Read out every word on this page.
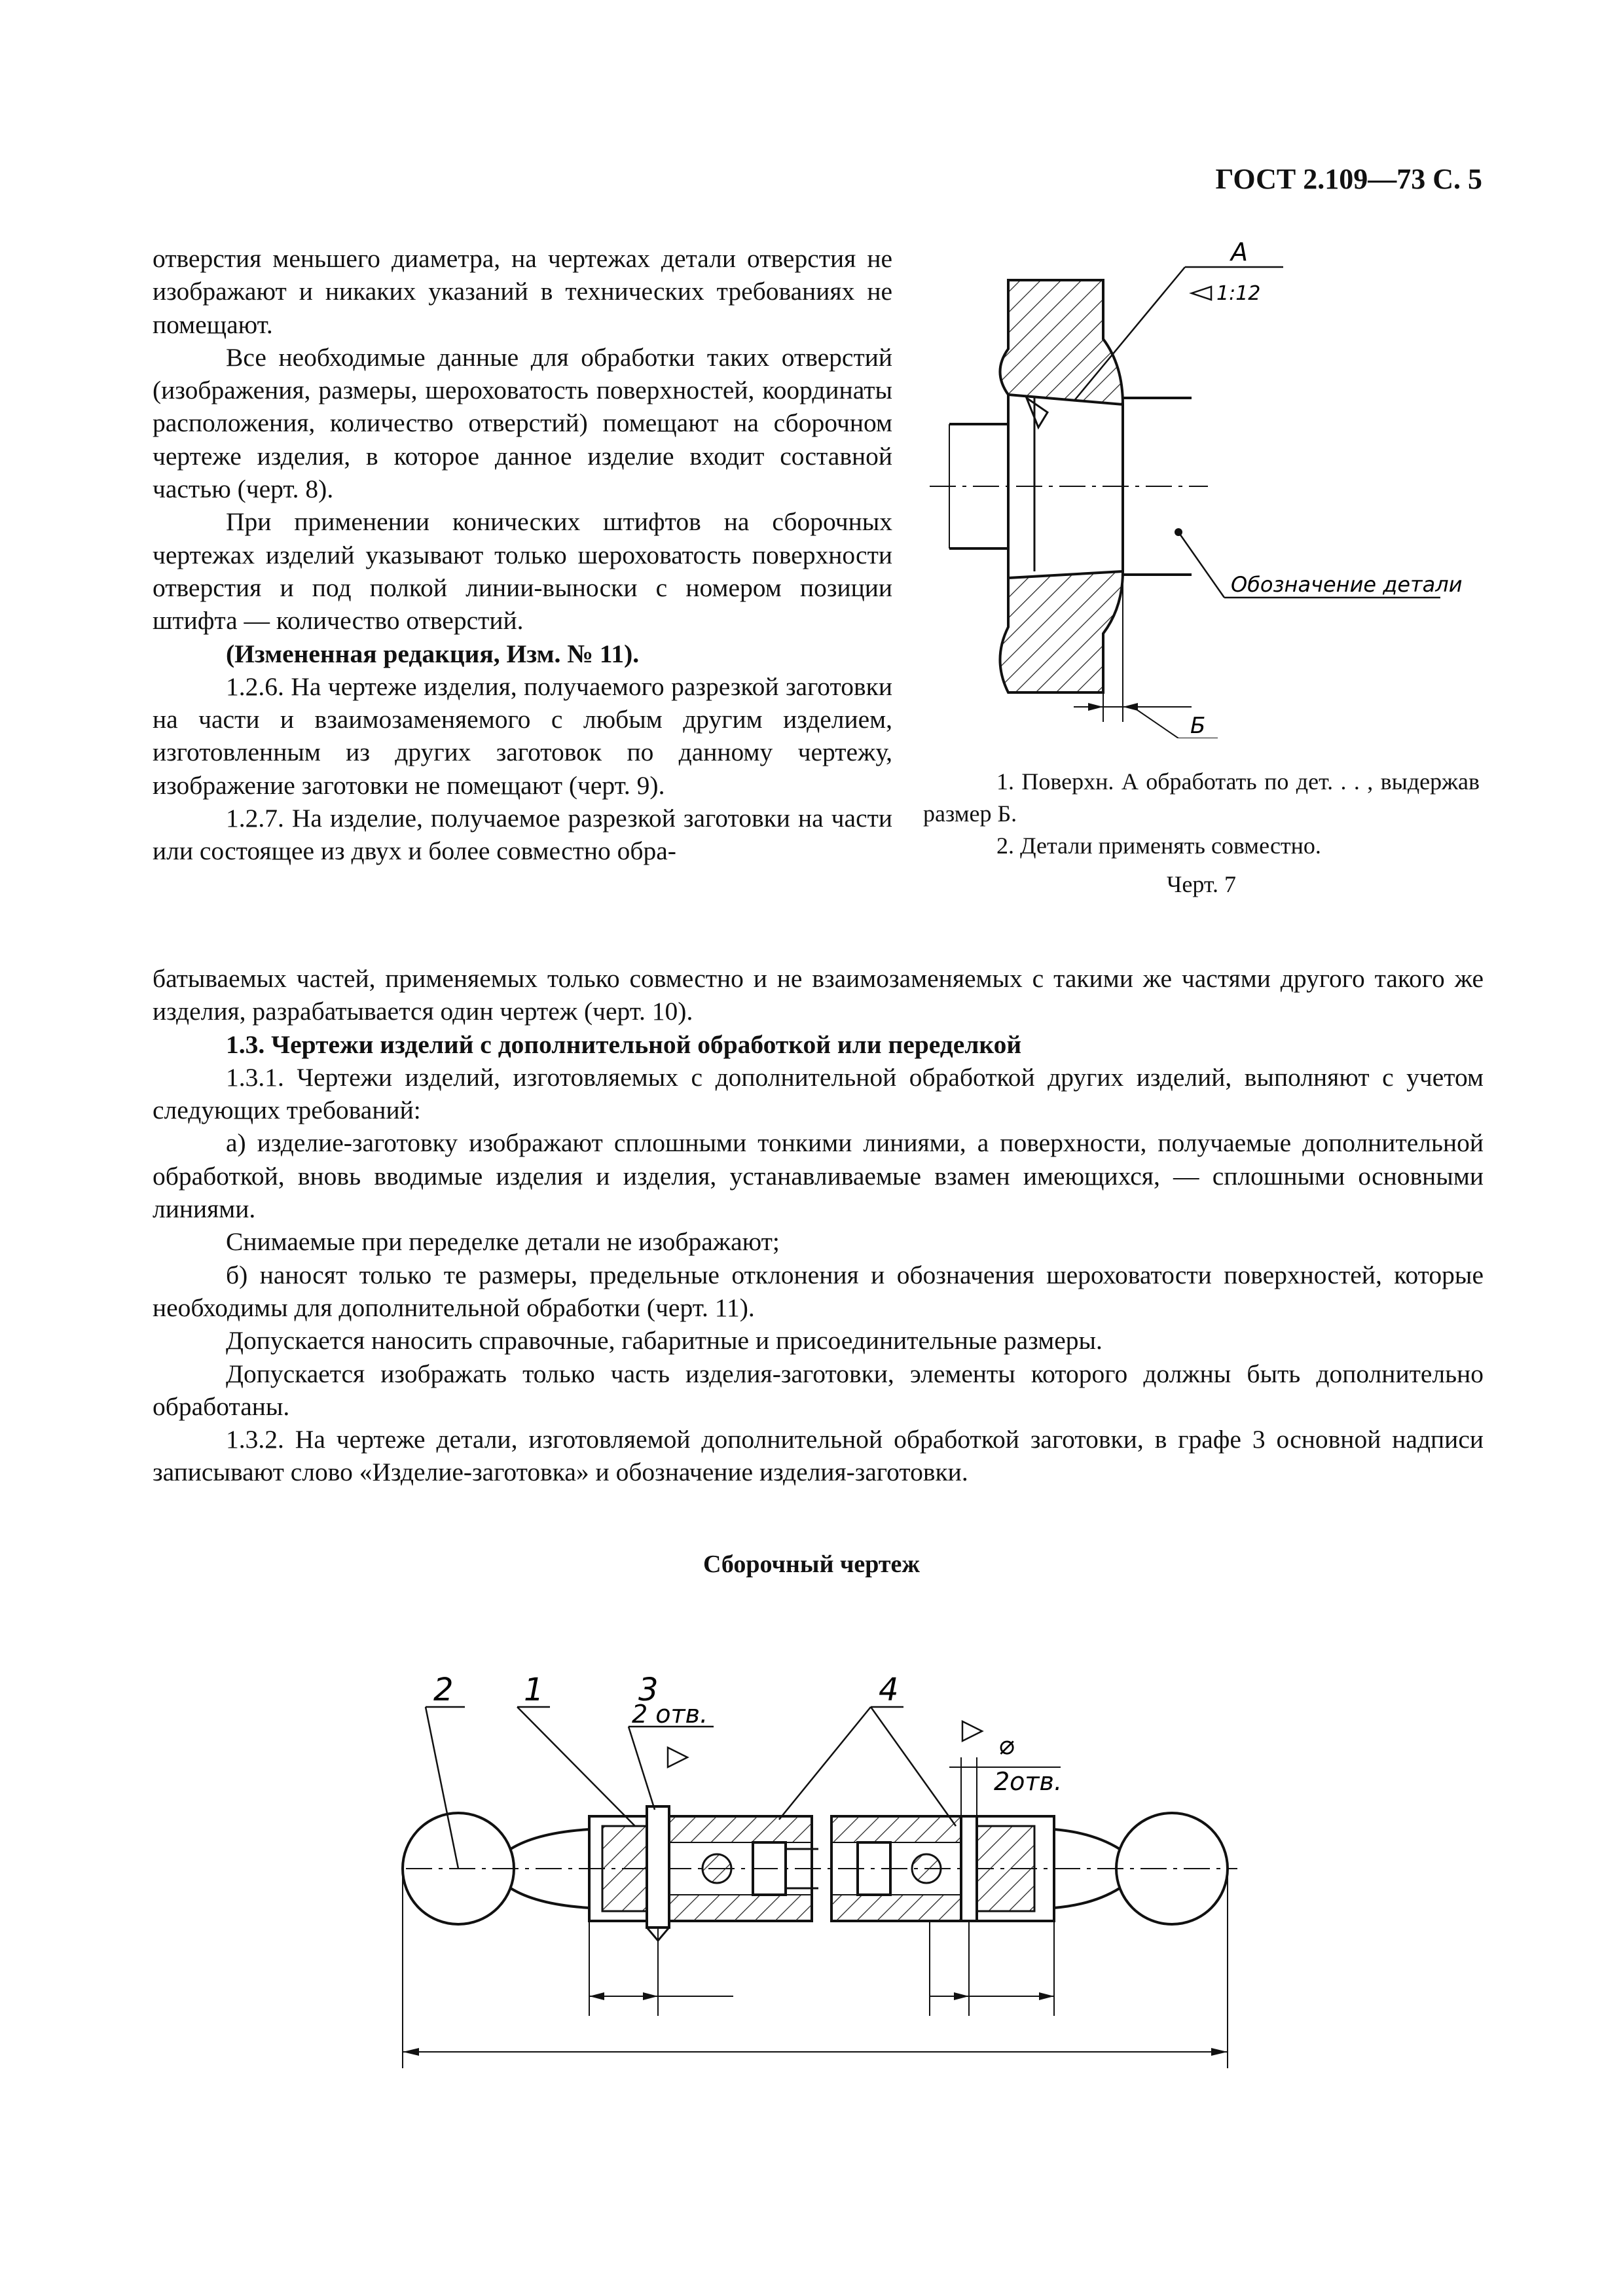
ГОСТ 2.109—73 С. 5

отверстия меньшего диаметра, на чертежах детали отверстия не изображают и никаких указаний в технических требованиях не помещают.

Все необходимые данные для обработки таких отверстий (изображения, размеры, шероховатость поверхностей, координаты расположения, количество отверстий) помещают на сборочном чертеже изделия, в которое данное изделие входит составной частью (черт. 8).

При применении конических штифтов на сборочных чертежах изделий указывают только шероховатость поверхности отверстия и под полкой линии-выноски с номером позиции штифта — количество отверстий.

(Измененная редакция, Изм. № 11).

1.2.6. На чертеже изделия, получаемого разрезкой заготовки на части и взаимозаменяемого с любым другим изделием, изготовленным из других заготовок по данному чертежу, изображение заготовки не помещают (черт. 9).

1.2.7. На изделие, получаемое разрезкой заготовки на части или состоящее из двух и более совместно обра-

А
1:12
Обозначение детали
Б

1. Поверхн. А обработать по дет. . . , выдержав размер Б.

2. Детали применять совместно.

Черт. 7

батываемых частей, применяемых только совместно и не взаимозаменяемых с такими же частями другого такого же изделия, разрабатывается один чертеж (черт. 10).

1.3. Чертежи изделий с дополнительной обработкой или переделкой

1.3.1. Чертежи изделий, изготовляемых с дополнительной обработкой других изделий, выполняют с учетом следующих требований:

а) изделие-заготовку изображают сплошными тонкими линиями, а поверхности, получаемые дополнительной обработкой, вновь вводимые изделия и изделия, устанавливаемые взамен имеющихся, — сплошными основными линиями.

Снимаемые при переделке детали не изображают;

б) наносят только те размеры, предельные отклонения и обозначения шероховатости поверхностей, которые необходимы для дополнительной обработки (черт. 11).

Допускается наносить справочные, габаритные и присоединительные размеры.

Допускается изображать только часть изделия-заготовки, элементы которого должны быть дополнительно обработаны.

1.3.2. На чертеже детали, изготовляемой дополнительной обработкой заготовки, в графе 3 основной надписи записывают слово «Изделие-заготовка» и обозначение изделия-заготовки.

Сборочный чертеж
2 1	3
2 отв.
4
⌀
2отв.
